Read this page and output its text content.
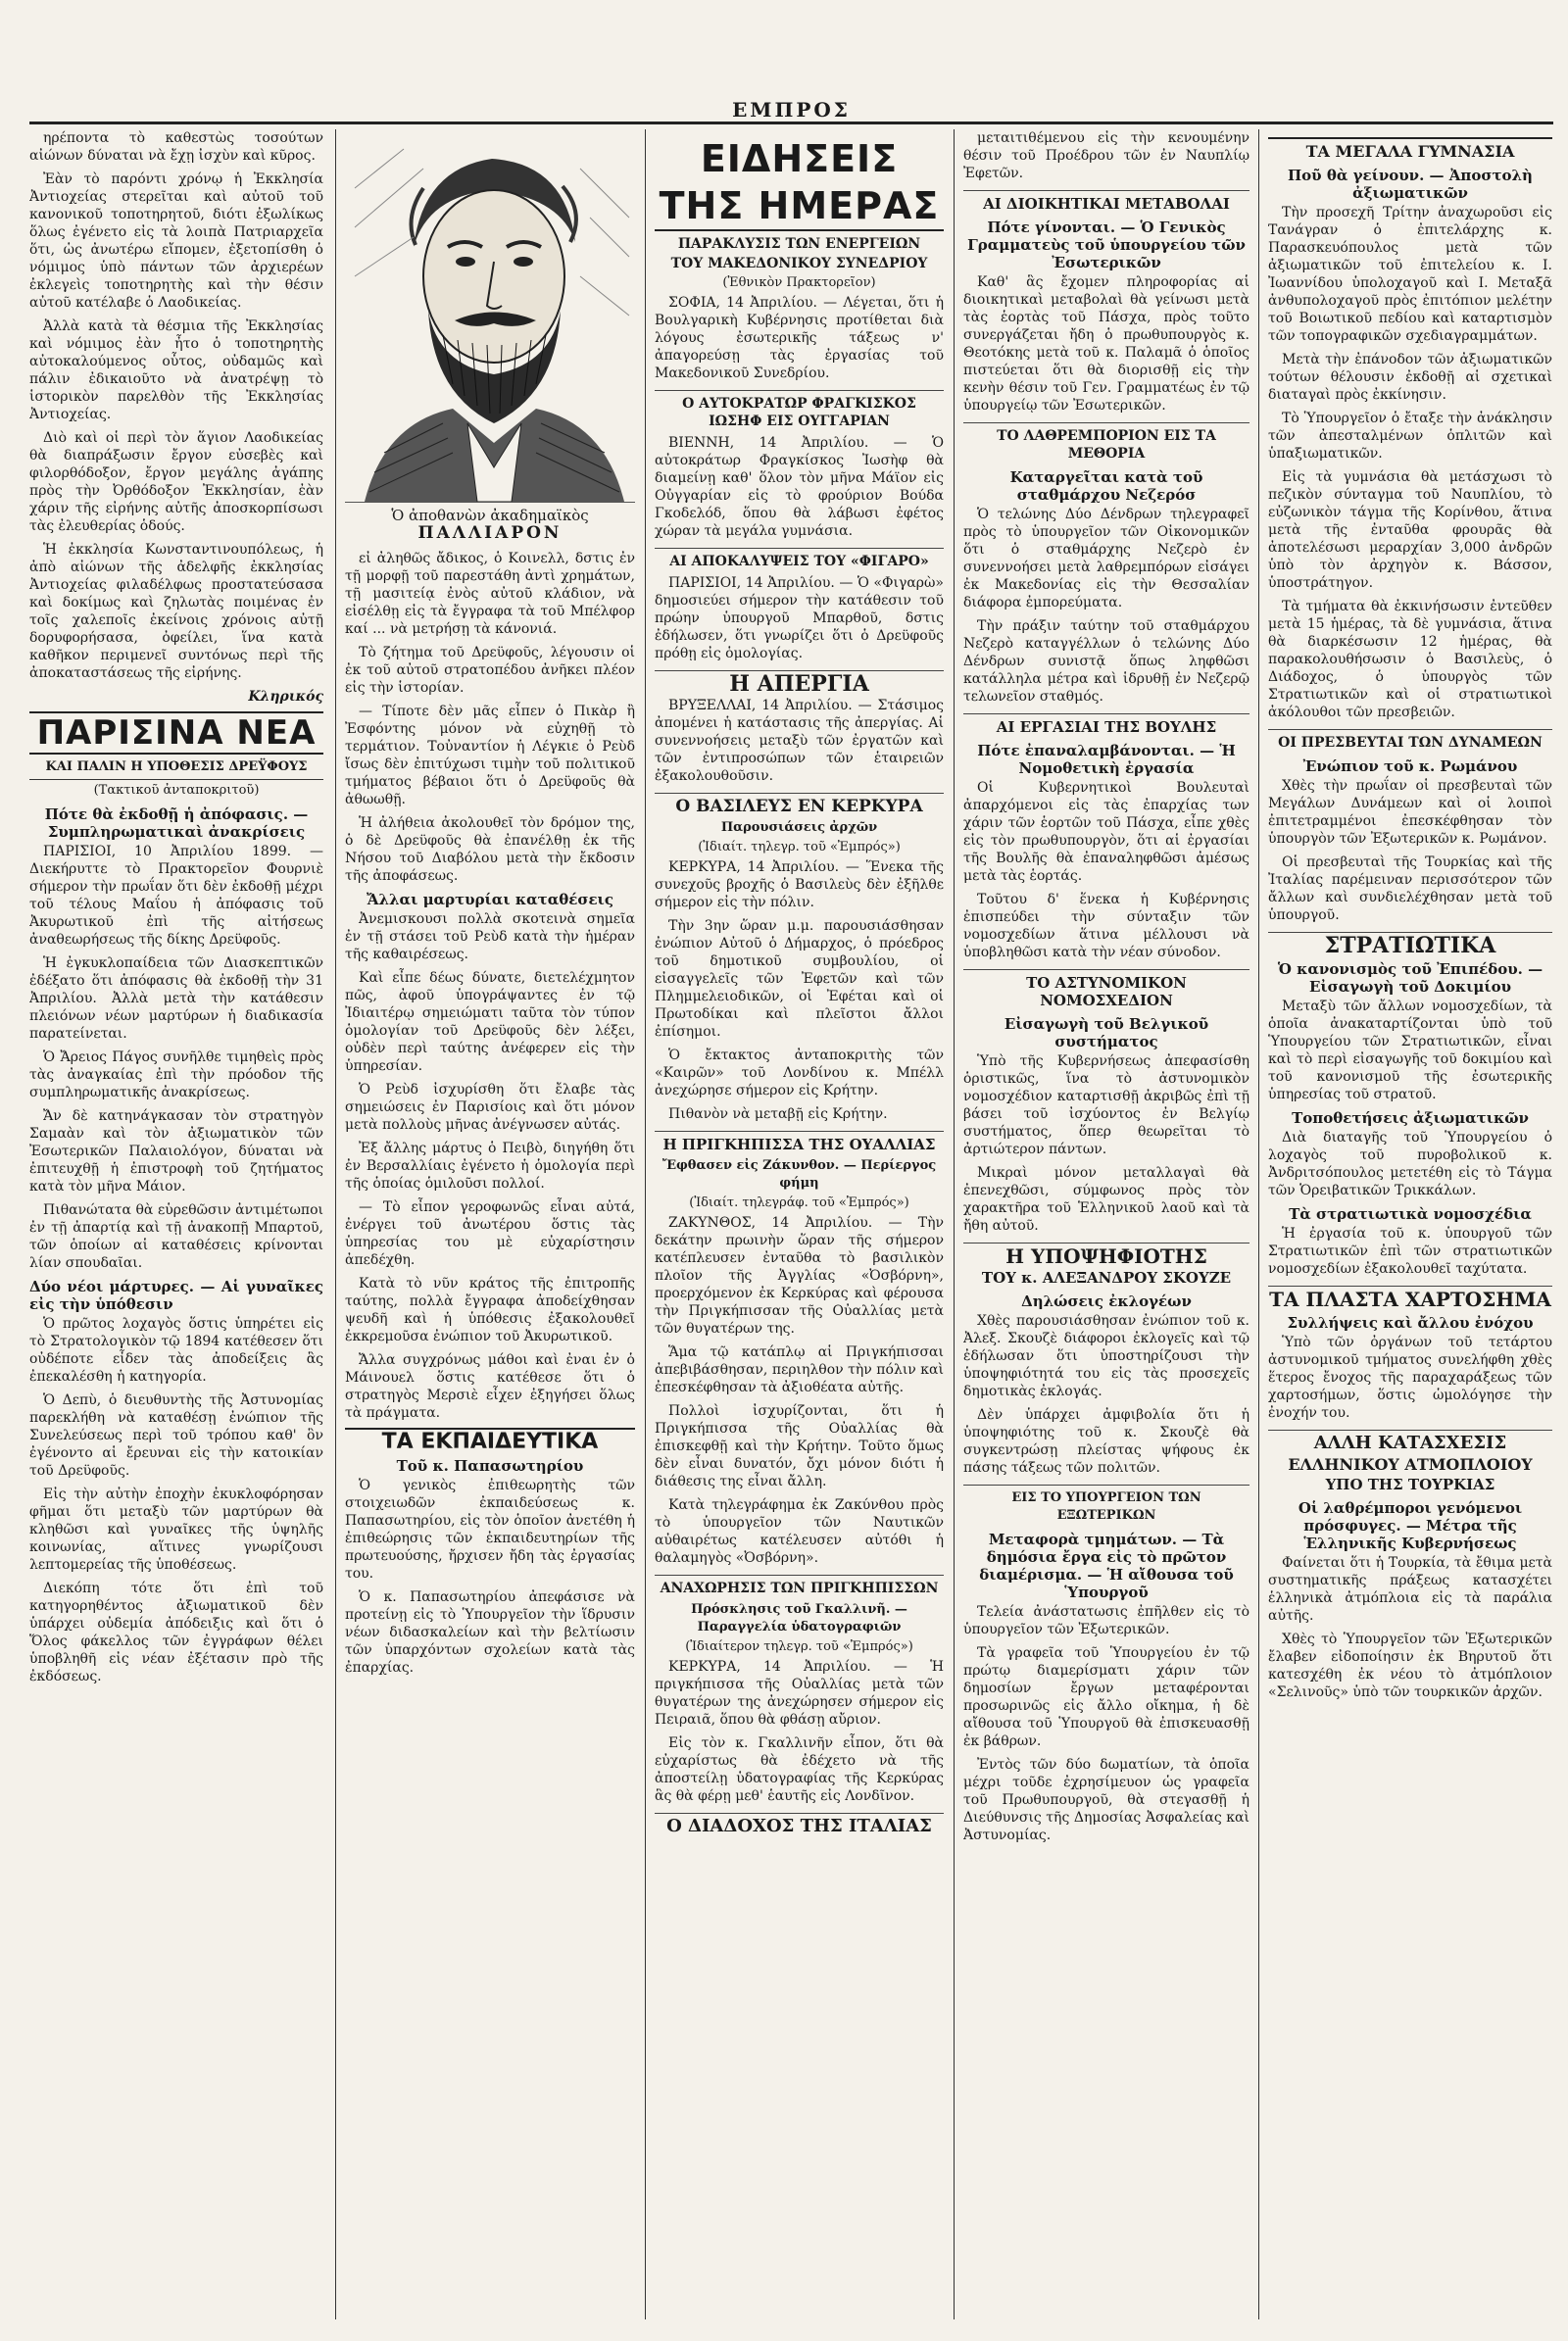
ΕΜΠΡΟΣ

ηρέποντα τὸ καθεστὼς τοσούτων αἰώνων δύναται νὰ ἔχῃ ἰσχὺν καὶ κῦρος.

Ἐὰν τὸ παρόντι χρόνῳ ἡ Ἐκκλησία Ἀντιοχείας στερεῖται καὶ αὐτοῦ τοῦ κανονικοῦ τοποτηρητοῦ, διότι ἐξωλίκως ὅλως ἐγένετο εἰς τὰ λοιπὰ Πατριαρχεῖα ὅτι, ὡς ἀνωτέρω εἴπομεν, ἐξετοπίσθη ὁ νόμιμος ὑπὸ πάντων τῶν ἀρχιερέων ἐκλεγεὶς τοποτηρητὴς καὶ τὴν θέσιν αὐτοῦ κατέλαβε ὁ Λαοδικείας.

Ἀλλὰ κατὰ τὰ θέσμια τῆς Ἐκκλησίας καὶ νόμιμος ἐὰν ἦτο ὁ τοποτηρητὴς αὐτοκαλούμενος οὗτος, οὐδαμῶς καὶ πάλιν ἐδικαιοῦτο νὰ ἀνατρέψῃ τὸ ἱστορικὸν παρελθὸν τῆς Ἐκκλησίας Ἀντιοχείας.

Διὸ καὶ οἱ περὶ τὸν ἅγιον Λαοδικείας θὰ διαπράξωσιν ἔργον εὐσεβὲς καὶ φιλορθόδοξον, ἔργον μεγάλης ἀγάπης πρὸς τὴν Ὀρθόδοξον Ἐκκλησίαν, ἐὰν χάριν τῆς εἰρήνης αὐτῆς ἀποσκορπίσωσι τὰς ἐλευθερίας ὁδούς.

Ἡ ἐκκλησία Κωνσταντινουπόλεως, ἡ ἀπὸ αἰώνων τῆς ἀδελφῆς ἐκκλησίας Ἀντιοχείας φιλαδέλφως προστατεύσασα καὶ δοκίμως καὶ ζηλωτὰς ποιμένας ἐν τοῖς χαλεποῖς ἐκείνοις χρόνοις αὐτῇ δορυφορήσασα, ὀφείλει, ἵνα κατὰ καθῆκον περιμενεῖ συντόνως περὶ τῆς ἀποκαταστάσεως τῆς εἰρήνης.

Κληρικός
ΠΑΡΙΣΙΝΑ ΝΕΑ
ΚΑΙ ΠΑΛΙΝ Η ΥΠΟΘΕΣΙΣ ΔΡΕΫΦΟΥΣ
(Τακτικοῦ ἀνταποκριτοῦ)
Πότε θὰ ἐκδοθῇ ἡ ἀπόφασις. — Συμπληρωματικαὶ ἀνακρίσεις

ΠΑΡΙΣΙΟΙ, 10 Ἀπριλίου 1899. — Διεκήρυττε τὸ Πρακτορεῖον Φουρνιὲ σήμερον τὴν πρωΐαν ὅτι δὲν ἐκδοθῇ μέχρι τοῦ τέλους Μαΐου ἡ ἀπόφασις τοῦ Ἀκυρωτικοῦ ἐπὶ τῆς αἰτήσεως ἀναθεωρήσεως τῆς δίκης Δρεϋφοῦς.

Ἡ ἐγκυκλοπαίδεια τῶν Διασκεπτικῶν ἐδέξατο ὅτι ἀπόφασις θὰ ἐκδοθῇ τὴν 31 Ἀπριλίου. Ἀλλὰ μετὰ τὴν κατάθεσιν πλειόνων νέων μαρτύρων ἡ διαδικασία παρατείνεται.

Ὁ Ἄρειος Πάγος συνῆλθε τιμηθεὶς πρὸς τὰς ἀναγκαίας ἐπὶ τὴν πρόοδον τῆς συμπληρωματικῆς ἀνακρίσεως.

Ἄν δὲ κατηνάγκασαν τὸν στρατηγὸν Σαμαὰν καὶ τὸν ἀξιωματικὸν τῶν Ἐσωτερικῶν Παλαιολόγον, δύναται νὰ ἐπιτευχθῇ ἡ ἐπιστροφὴ τοῦ ζητήματος κατὰ τὸν μῆνα Μάιον.

Πιθανώτατα θὰ εὑρεθῶσιν ἀντιμέτωποι ἐν τῇ ἀπαρτίᾳ καὶ τῇ ἀνακοπῇ Μπαρτοῦ, τῶν ὁποίων αἱ καταθέσεις κρίνονται λίαν σπουδαῖαι.

Δύο νέοι μάρτυρες. — Αἱ γυναῖκες εἰς τὴν ὑπόθεσιν

Ὁ πρῶτος λοχαγὸς ὅστις ὑπηρέτει εἰς τὸ Στρατολογικὸν τῷ 1894 κατέθεσεν ὅτι οὐδέποτε εἶδεν τὰς ἀποδείξεις ἃς ἐπεκαλέσθη ἡ κατηγορία.

Ὁ Δεπὺ, ὁ διευθυντὴς τῆς Ἀστυνομίας παρεκλήθη νὰ καταθέσῃ ἐνώπιον τῆς Συνελεύσεως περὶ τοῦ τρόπου καθ' ὃν ἐγένοντο αἱ ἔρευναι εἰς τὴν κατοικίαν τοῦ Δρεϋφοῦς.

Εἰς τὴν αὐτὴν ἐποχὴν ἐκυκλοφόρησαν φῆμαι ὅτι μεταξὺ τῶν μαρτύρων θὰ κληθῶσι καὶ γυναῖκες τῆς ὑψηλῆς κοινωνίας, αἵτινες γνωρίζουσι λεπτομερείας τῆς ὑποθέσεως.

Διεκόπη τότε ὅτι ἐπὶ τοῦ κατηγορηθέντος ἀξιωματικοῦ δὲν ὑπάρχει οὐδεμία ἀπόδειξις καὶ ὅτι ὁ Ὅλος φάκελλος τῶν ἐγγράφων θέλει ὑποβληθῆ εἰς νέαν ἐξέτασιν πρὸ τῆς ἐκδόσεως.

Ὁ ἀποθανὼν ἀκαδημαϊκὸς
ΠΑΛΛΙΑΡΟΝ

εἰ ἀληθῶς ἄδικος, ὁ Κοινελλ, δστις ἐν τῇ μορφῇ τοῦ παρεστάθη ἀντὶ χρημάτων, τῇ μασιτείᾳ ἐνὸς αὐτοῦ κλάδιον, νὰ εἰσέλθῃ εἰς τὰ ἔγγραφα τὰ τοῦ Μπέλφορ καί ... νὰ μετρήσῃ τὰ κάνονιά.

Τὸ ζήτημα τοῦ Δρεϋφοῦς, λέγουσιν οἱ ἐκ τοῦ αὐτοῦ στρατοπέδου ἀνῆκει πλέον εἰς τὴν ἱστορίαν.

— Τίποτε δὲν μᾶς εἶπεν ὁ Πικὰρ ἢ Ἐσφόντης μόνον νὰ εὐχηθῇ τὸ τερμάτιον. Τοὐναντίον ἡ Λέγκιε ὁ Ρεὺδ ἴσως δὲν ἐπιτύχωσι τιμὴν τοῦ πολιτικοῦ τμήματος βέβαιοι ὅτι ὁ Δρεϋφοῦς θὰ ἀθωωθῇ.

Ἡ ἀλήθεια ἀκολουθεῖ τὸν δρόμον της, ὁ δὲ Δρεϋφοῦς θὰ ἐπανέλθῃ ἐκ τῆς Νήσου τοῦ Διαβόλου μετὰ τὴν ἔκδοσιν τῆς ἀποφάσεως.

Ἄλλαι μαρτυρίαι καταθέσεις

Ἀνεμισκουσι πολλὰ σκοτεινὰ σημεῖα ἐν τῇ στάσει τοῦ Ρεὺδ κατὰ τὴν ἡμέραν τῆς καθαιρέσεως.

Καὶ εἶπε δέως δύνατε, διετελέχμητον πῶς, ἀφοῦ ὑπογράψαντες ἐν τῷ Ἰδιαιτέρῳ σημειώματι ταῦτα τὸν τύπον ὁμολογίαν τοῦ Δρεϋφοῦς δὲν λέξει, οὐδὲν περὶ ταύτης ἀνέφερεν εἰς τὴν ὑπηρεσίαν.

Ὁ Ρεὺδ ἰσχυρίσθη ὅτι ἔλαβε τὰς σημειώσεις ἐν Παρισίοις καὶ ὅτι μόνον μετὰ πολλοὺς μῆνας ἀνέγνωσεν αὐτάς.

Ἐξ ἄλλης μάρτυς ὁ Πειβὸ, διηγήθη ὅτι ἐν Βερσαλλίαις ἐγένετο ἡ ὁμολογία περὶ τῆς ὁποίας ὁμιλοῦσι πολλοί.

— Τὸ εἶπον γεροφωνῶς εἶναι αὐτά, ἐνέργει τοῦ ἀνωτέρου ὅστις τὰς ὑπηρεσίας του μὲ εὐχαρίστησιν ἀπεδέχθη.

Κατὰ τὸ νῦν κράτος τῆς ἐπιτροπῆς ταύτης, πολλὰ ἔγγραφα ἀποδείχθησαν ψευδῆ καὶ ἡ ὑπόθεσις ἐξακολουθεῖ ἐκκρεμοῦσα ἐνώπιον τοῦ Ἀκυρωτικοῦ.

Ἄλλα συγχρόνως μάθοι καὶ ἐναι ἐν ὁ Μάινουελ ὅστις κατέθεσε ὅτι ὁ στρατηγὸς Μερσιὲ εἶχεν ἐξηγήσει ὅλως τὰ πράγματα.

ΤΑ ΕΚΠΑΙΔΕΥΤΙΚΑ
Τοῦ κ. Παπασωτηρίου

Ὁ γενικὸς ἐπιθεωρητὴς τῶν στοιχειωδῶν ἐκπαιδεύσεως κ. Παπασωτηρίου, εἰς τὸν ὁποῖον ἀνετέθη ἡ ἐπιθεώρησις τῶν ἐκπαιδευτηρίων τῆς πρωτευούσης, ἤρχισεν ἤδη τὰς ἐργασίας του.

Ὁ κ. Παπασωτηρίου ἀπεφάσισε νὰ προτείνῃ εἰς τὸ Ὑπουργεῖον τὴν ἵδρυσιν νέων διδασκαλείων καὶ τὴν βελτίωσιν τῶν ὑπαρχόντων σχολείων κατὰ τὰς ἐπαρχίας.

ΕΙΔΗΣΕΙΣ ΤΗΣ ΗΜΕΡΑΣ
ΠΑΡΑΚΛΥΣΙΣ ΤΩΝ ΕΝΕΡΓΕΙΩΝ
ΤΟΥ ΜΑΚΕΔΟΝΙΚΟΥ ΣΥΝΕΔΡΙΟΥ
(Ἐθνικὸν Πρακτορεῖον)

ΣΟΦΙΑ, 14 Ἀπριλίου. — Λέγεται, ὅτι ἡ Βουλγαρικὴ Κυβέρνησις προτίθεται διὰ λόγους ἐσωτερικῆς τάξεως ν' ἀπαγορεύσῃ τὰς ἐργασίας τοῦ Μακεδονικοῦ Συνεδρίου.

Ο ΑΥΤΟΚΡΑΤΩΡ ΦΡΑΓΚΙΣΚΟΣ ΙΩΣΗΦ ΕΙΣ ΟΥΓΓΑΡΙΑΝ

ΒΙΕΝΝΗ, 14 Ἀπριλίου. — Ὁ αὐτοκράτωρ Φραγκίσκος Ἰωσὴφ θὰ διαμείνῃ καθ' ὅλον τὸν μῆνα Μάϊον εἰς Οὐγγαρίαν εἰς τὸ φρούριον Βούδα Γκοδελόδ, ὅπου θὰ λάβωσι ἐφέτος χώραν τὰ μεγάλα γυμνάσια.

ΑΙ ΑΠΟΚΑΛΥΨΕΙΣ ΤΟΥ «ΦΙΓΑΡΟ»

ΠΑΡΙΣΙΟΙ, 14 Ἀπριλίου. — Ὁ «Φιγαρὼ» δημοσιεύει σήμερον τὴν κατάθεσιν τοῦ πρώην ὑπουργοῦ Μπαρθοῦ, δστις ἐδήλωσεν, ὅτι γνωρίζει ὅτι ὁ Δρεϋφοῦς πρόθῃ εἰς ὁμολογίας.

Η ΑΠΕΡΓΙΑ

ΒΡΥΞΕΛΛΑΙ, 14 Ἀπριλίου. — Στάσιμος ἀπομένει ἡ κατάστασις τῆς ἀπεργίας. Αἱ συνεννοήσεις μεταξὺ τῶν ἐργατῶν καὶ τῶν ἐντιπροσώπων τῶν ἑταιρειῶν ἐξακολουθοῦσιν.

Ο ΒΑΣΙΛΕΥΣ ΕΝ ΚΕΡΚΥΡΑ
Παρουσιάσεις ἀρχῶν
(Ἰδιαίτ. τηλεγρ. τοῦ «Ἐμπρός»)

ΚΕΡΚΥΡΑ, 14 Ἀπριλίου. — Ἕνεκα τῆς συνεχοῦς βροχῆς ὁ Βασιλεὺς δὲν ἐξῆλθε σήμερον εἰς τὴν πόλιν.

Τὴν 3ην ὥραν μ.μ. παρουσιάσθησαν ἐνώπιον Αὐτοῦ ὁ Δήμαρχος, ὁ πρόεδρος τοῦ δημοτικοῦ συμβουλίου, οἱ εἰσαγγελεῖς τῶν Ἐφετῶν καὶ τῶν Πλημμελειοδικῶν, οἱ Ἐφέται καὶ οἱ Πρωτοδίκαι καὶ πλεῖστοι ἄλλοι ἐπίσημοι.

Ὁ ἔκτακτος ἀνταποκριτὴς τῶν «Καιρῶν» τοῦ Λονδίνου κ. Μπέλλ ἀνεχώρησε σήμερον εἰς Κρήτην.

Πιθανὸν νὰ μεταβῇ εἰς Κρήτην.

Η ΠΡΙΓΚΗΠΙΣΣΑ ΤΗΣ ΟΥΑΛΛΙΑΣ
Ἔφθασεν εἰς Ζάκυνθον. — Περίεργος φήμη
(Ἰδιαίτ. τηλεγράφ. τοῦ «Ἐμπρός»)

ΖΑΚΥΝΘΟΣ, 14 Ἀπριλίου. — Τὴν δεκάτην πρωινὴν ὥραν τῆς σήμερον κατέπλευσεν ἐνταῦθα τὸ βασιλικὸν πλοῖον τῆς Ἀγγλίας «Ὀσβόρνη», προερχόμενον ἐκ Κερκύρας καὶ φέρουσα τὴν Πριγκήπισσαν τῆς Οὐαλλίας μετὰ τῶν θυγατέρων της.

Ἅμα τῷ κατάπλῳ αἱ Πριγκήπισσαι ἀπεβιβάσθησαν, περιηλθον τὴν πόλιν καὶ ἐπεσκέφθησαν τὰ ἀξιοθέατα αὐτῆς.

Πολλοὶ ἰσχυρίζονται, ὅτι ἡ Πριγκήπισσα τῆς Οὐαλλίας θὰ ἐπισκεφθῇ καὶ τὴν Κρήτην. Τοῦτο ὅμως δὲν εἶναι δυνατόν, ὄχι μόνον διότι ἡ διάθεσις της εἶναι ἄλλη.

Κατὰ τηλεγράφημα ἐκ Ζακύνθου πρὸς τὸ ὑπουργεῖον τῶν Ναυτικῶν αὐθαιρέτως κατέλευσεν αὐτόθι ἡ θαλαμηγὸς «Ὀσβόρνη».

ΑΝΑΧΩΡΗΣΙΣ ΤΩΝ ΠΡΙΓΚΗΠΙΣΣΩΝ
Πρόσκλησις τοῦ Γκαλλινῆ. — Παραγγελία ὑδατογραφιῶν
(Ἰδιαίτερον τηλεγρ. τοῦ «Ἐμπρός»)

ΚΕΡΚΥΡΑ, 14 Ἀπριλίου. — Ἡ πριγκήπισσα τῆς Οὐαλλίας μετὰ τῶν θυγατέρων της ἀνεχώρησεν σήμερον εἰς Πειραιᾶ, ὅπου θὰ φθάσῃ αὔριον.

Εἰς τὸν κ. Γκαλλινῆν εἶπον, ὅτι θὰ εὐχαρίστως θὰ ἐδέχετο νὰ τῆς ἀποστείλῃ ὑδατογραφίας τῆς Κερκύρας ἃς θὰ φέρῃ μεθ' ἑαυτῆς εἰς Λονδῖνον.

Ο ΔΙΑΔΟΧΟΣ ΤΗΣ ΙΤΑΛΙΑΣ

μεταιτιθέμενου εἰς τὴν κενουμένην θέσιν τοῦ Προέδρου τῶν ἐν Ναυπλίῳ Ἐφετῶν.

ΑΙ ΔΙΟΙΚΗΤΙΚΑΙ ΜΕΤΑΒΟΛΑΙ
Πότε γίνονται. — Ὁ Γενικὸς Γραμματεὺς τοῦ ὑπουργείου τῶν Ἐσωτερικῶν

Καθ' ἃς ἔχομεν πληροφορίας αἱ διοικητικαὶ μεταβολαὶ θὰ γείνωσι μετὰ τὰς ἑορτὰς τοῦ Πάσχα, πρὸς τοῦτο συνεργάζεται ἤδη ὁ πρωθυπουργὸς κ. Θεοτόκης μετὰ τοῦ κ. Παλαμᾶ ὁ ὁποῖος πιστεύεται ὅτι θὰ διορισθῇ εἰς τὴν κενὴν θέσιν τοῦ Γεν. Γραμματέως ἐν τῷ ὑπουργείῳ τῶν Ἐσωτερικῶν.

ΤΟ ΛΑΘΡΕΜΠΟΡΙΟΝ ΕΙΣ ΤΑ ΜΕΘΟΡΙΑ
Καταργεῖται κατὰ τοῦ σταθμάρχου Νεζερόσ

Ὁ τελώνης Δύο Δένδρων τηλεγραφεῖ πρὸς τὸ ὑπουργεῖον τῶν Οἰκονομικῶν ὅτι ὁ σταθμάρχης Νεζερὸ ἐν συνεννοήσει μετὰ λαθρεμπόρων εἰσάγει ἐκ Μακεδονίας εἰς τὴν Θεσσαλίαν διάφορα ἐμπορεύματα.

Τὴν πράξιν ταύτην τοῦ σταθμάρχου Νεζερὸ καταγγέλλων ὁ τελώνης Δύο Δένδρων συνιστᾷ ὅπως ληφθῶσι κατάλληλα μέτρα καὶ ἱδρυθῇ ἐν Νεζερῷ τελωνεῖον σταθμός.

ΑΙ ΕΡΓΑΣΙΑΙ ΤΗΣ ΒΟΥΛΗΣ
Πότε ἐπαναλαμβάνονται. — Ἡ Νομοθετικὴ ἐργασία

Οἱ Κυβερνητικοὶ Βουλευταὶ ἀπαρχόμενοι εἰς τὰς ἐπαρχίας των χάριν τῶν ἑορτῶν τοῦ Πάσχα, εἶπε χθὲς εἰς τὸν πρωθυπουργὸν, ὅτι αἱ ἐργασίαι τῆς Βουλῆς θὰ ἐπαναληφθῶσι ἀμέσως μετὰ τὰς ἑορτάς.

Τοῦτου δ' ἕνεκα ἡ Κυβέρνησις ἐπισπεύδει τὴν σύνταξιν τῶν νομοσχεδίων ἅτινα μέλλουσι νὰ ὑποβληθῶσι κατὰ τὴν νέαν σύνοδον.

ΤΟ ΑΣΤΥΝΟΜΙΚΟΝ ΝΟΜΟΣΧΕΔΙΟΝ
Εἰσαγωγὴ τοῦ Βελγικοῦ συστήματος

Ὑπὸ τῆς Κυβερνήσεως ἀπεφασίσθη ὁριστικῶς, ἵνα τὸ ἀστυνομικὸν νομοσχέδιον καταρτισθῇ ἀκριβῶς ἐπὶ τῇ βάσει τοῦ ἰσχύοντος ἐν Βελγίῳ συστήματος, ὅπερ θεωρεῖται τὸ ἀρτιώτερον πάντων.

Μικραὶ μόνον μεταλλαγαὶ θὰ ἐπενεχθῶσι, σύμφωνος πρὸς τὸν χαρακτῆρα τοῦ Ἑλληνικοῦ λαοῦ καὶ τὰ ἤθη αὐτοῦ.

Η ΥΠΟΨΗΦΙΟΤΗΣ
ΤΟΥ κ. ΑΛΕΞΑΝΔΡΟΥ ΣΚΟΥΖΕ
Δηλώσεις ἐκλογέων

Χθὲς παρουσιάσθησαν ἐνώπιον τοῦ κ. Ἀλεξ. Σκουζὲ διάφοροι ἐκλογεῖς καὶ τῷ ἐδήλωσαν ὅτι ὑποστηρίζουσι τὴν ὑποψηφιότητά του εἰς τὰς προσεχεῖς δημοτικὰς ἐκλογάς.

Δὲν ὑπάρχει ἀμφιβολία ὅτι ἡ ὑποψηφιότης τοῦ κ. Σκουζὲ θὰ συγκεντρώσῃ πλείστας ψήφους ἐκ πάσης τάξεως τῶν πολιτῶν.

ΕΙΣ ΤΟ ΥΠΟΥΡΓΕΙΟΝ ΤΩΝ ΕΞΩΤΕΡΙΚΩΝ
Μεταφορὰ τμημάτων. — Τὰ δημόσια ἔργα εἰς τὸ πρῶτον διαμέρισμα. — Ἡ αἴθουσα τοῦ Ὑπουργοῦ

Τελεία ἀνάστατωσις ἐπῆλθεν εἰς τὸ ὑπουργεῖον τῶν Ἐξωτερικῶν.

Τὰ γραφεῖα τοῦ Ὑπουργείου ἐν τῷ πρώτῳ διαμερίσματι χάριν τῶν δημοσίων ἔργων μεταφέρονται προσωρινῶς εἰς ἄλλο οἴκημα, ἡ δὲ αἴθουσα τοῦ Ὑπουργοῦ θὰ ἐπισκευασθῇ ἐκ βάθρων.

Ἐντὸς τῶν δύο δωματίων, τὰ ὁποῖα μέχρι τοῦδε ἐχρησίμευον ὡς γραφεῖα τοῦ Πρωθυπουργοῦ, θὰ στεγασθῇ ἡ Διεύθυνσις τῆς Δημοσίας Ἀσφαλείας καὶ Ἀστυνομίας.

ΤΑ ΜΕΓΑΛΑ ΓΥΜΝΑΣΙΑ
Ποῦ θὰ γείνουν. — Ἀποστολὴ ἀξιωματικῶν

Τὴν προσεχῆ Τρίτην ἀναχωροῦσι εἰς Τανάγραν ὁ ἐπιτελάρχης κ. Παρασκευόπουλος μετὰ τῶν ἀξιωματικῶν τοῦ ἐπιτελείου κ. Ι. Ἰωαννίδου ὑπολοχαγοῦ καὶ Ι. Μεταξᾶ ἀνθυπολοχαγοῦ πρὸς ἐπιτόπιον μελέτην τοῦ Βοιωτικοῦ πεδίου καὶ καταρτισμὸν τῶν τοπογραφικῶν σχεδιαγραμμάτων.

Μετὰ τὴν ἐπάνοδον τῶν ἀξιωματικῶν τούτων θέλουσιν ἐκδοθῇ αἱ σχετικαὶ διαταγαὶ πρὸς ἐκκίνησιν.

Τὸ Ὑπουργεῖον ὁ ἔταξε τὴν ἀνάκλησιν τῶν ἀπεσταλμένων ὁπλιτῶν καὶ ὑπαξιωματικῶν.

Εἰς τὰ γυμνάσια θὰ μετάσχωσι τὸ πεζικὸν σύνταγμα τοῦ Ναυπλίου, τὸ εὐζωνικὸν τάγμα τῆς Κορίνθου, ἅτινα μετὰ τῆς ἐνταῦθα φρουρᾶς θὰ ἀποτελέσωσι μεραρχίαν 3,000 ἀνδρῶν ὑπὸ τὸν ἀρχηγὸν κ. Βάσσον, ὑποστράτηγον.

Τὰ τμήματα θὰ ἐκκινήσωσιν ἐντεῦθεν μετὰ 15 ἡμέρας, τὰ δὲ γυμνάσια, ἅτινα θὰ διαρκέσωσιν 12 ἡμέρας, θὰ παρακολουθήσωσιν ὁ Βασιλεὺς, ὁ Διάδοχος, ὁ ὑπουργὸς τῶν Στρατιωτικῶν καὶ οἱ στρατιωτικοὶ ἀκόλουθοι τῶν πρεσβειῶν.

ΟΙ ΠΡΕΣΒΕΥΤΑΙ ΤΩΝ ΔΥΝΑΜΕΩΝ
Ἐνώπιον τοῦ κ. Ρωμάνου

Χθὲς τὴν πρωΐαν οἱ πρεσβευταὶ τῶν Μεγάλων Δυνάμεων καὶ οἱ λοιποὶ ἐπιτετραμμένοι ἐπεσκέφθησαν τὸν ὑπουργὸν τῶν Ἐξωτερικῶν κ. Ρωμάνον.

Οἱ πρεσβευταὶ τῆς Τουρκίας καὶ τῆς Ἰταλίας παρέμειναν περισσότερον τῶν ἄλλων καὶ συνδιελέχθησαν μετὰ τοῦ ὑπουργοῦ.

ΣΤΡΑΤΙΩΤΙΚΑ
Ὁ κανονισμὸς τοῦ Ἐπιπέδου. — Εἰσαγωγὴ τοῦ Δοκιμίου

Μεταξὺ τῶν ἄλλων νομοσχεδίων, τὰ ὁποῖα ἀνακαταρτίζονται ὑπὸ τοῦ Ὑπουργείου τῶν Στρατιωτικῶν, εἶναι καὶ τὸ περὶ εἰσαγωγῆς τοῦ δοκιμίου καὶ τοῦ κανονισμοῦ τῆς ἐσωτερικῆς ὑπηρεσίας τοῦ στρατοῦ.

Τοποθετήσεις ἀξιωματικῶν

Διὰ διαταγῆς τοῦ Ὑπουργείου ὁ λοχαγὸς τοῦ πυροβολικοῦ κ. Ἀνδριτσόπουλος μετετέθη εἰς τὸ Τάγμα τῶν Ὁρειβατικῶν Τρικκάλων.

Τὰ στρατιωτικὰ νομοσχέδια

Ἡ ἐργασία τοῦ κ. ὑπουργοῦ τῶν Στρατιωτικῶν ἐπὶ τῶν στρατιωτικῶν νομοσχεδίων ἐξακολουθεῖ ταχύτατα.

ΤΑ ΠΛΑΣΤΑ ΧΑΡΤΟΣΗΜΑ
Συλλήψεις καὶ ἄλλου ἐνόχου

Ὑπὸ τῶν ὀργάνων τοῦ τετάρτου ἀστυνομικοῦ τμήματος συνελήφθη χθὲς ἕτερος ἔνοχος τῆς παραχαράξεως τῶν χαρτοσήμων, ὅστις ὡμολόγησε τὴν ἐνοχήν του.

ΑΛΛΗ ΚΑΤΑΣΧΕΣΙΣ
ΕΛΛΗΝΙΚΟΥ ΑΤΜΟΠΛΟΙΟΥ
ΥΠΟ ΤΗΣ ΤΟΥΡΚΙΑΣ
Οἱ λαθρέμποροι γενόμενοι πρόσφυγες. — Μέτρα τῆς Ἑλληνικῆς Κυβερνήσεως

Φαίνεται ὅτι ἡ Τουρκία, τὰ ἔθιμα μετὰ συστηματικῆς πράξεως κατασχέτει ἑλληνικὰ ἀτμόπλοια εἰς τὰ παράλια αὐτῆς.

Χθὲς τὸ Ὑπουργεῖον τῶν Ἐξωτερικῶν ἔλαβεν εἰδοποίησιν ἐκ Βηρυτοῦ ὅτι κατεσχέθη ἐκ νέου τὸ ἀτμόπλοιον «Σελινοῦς» ὑπὸ τῶν τουρκικῶν ἀρχῶν.
